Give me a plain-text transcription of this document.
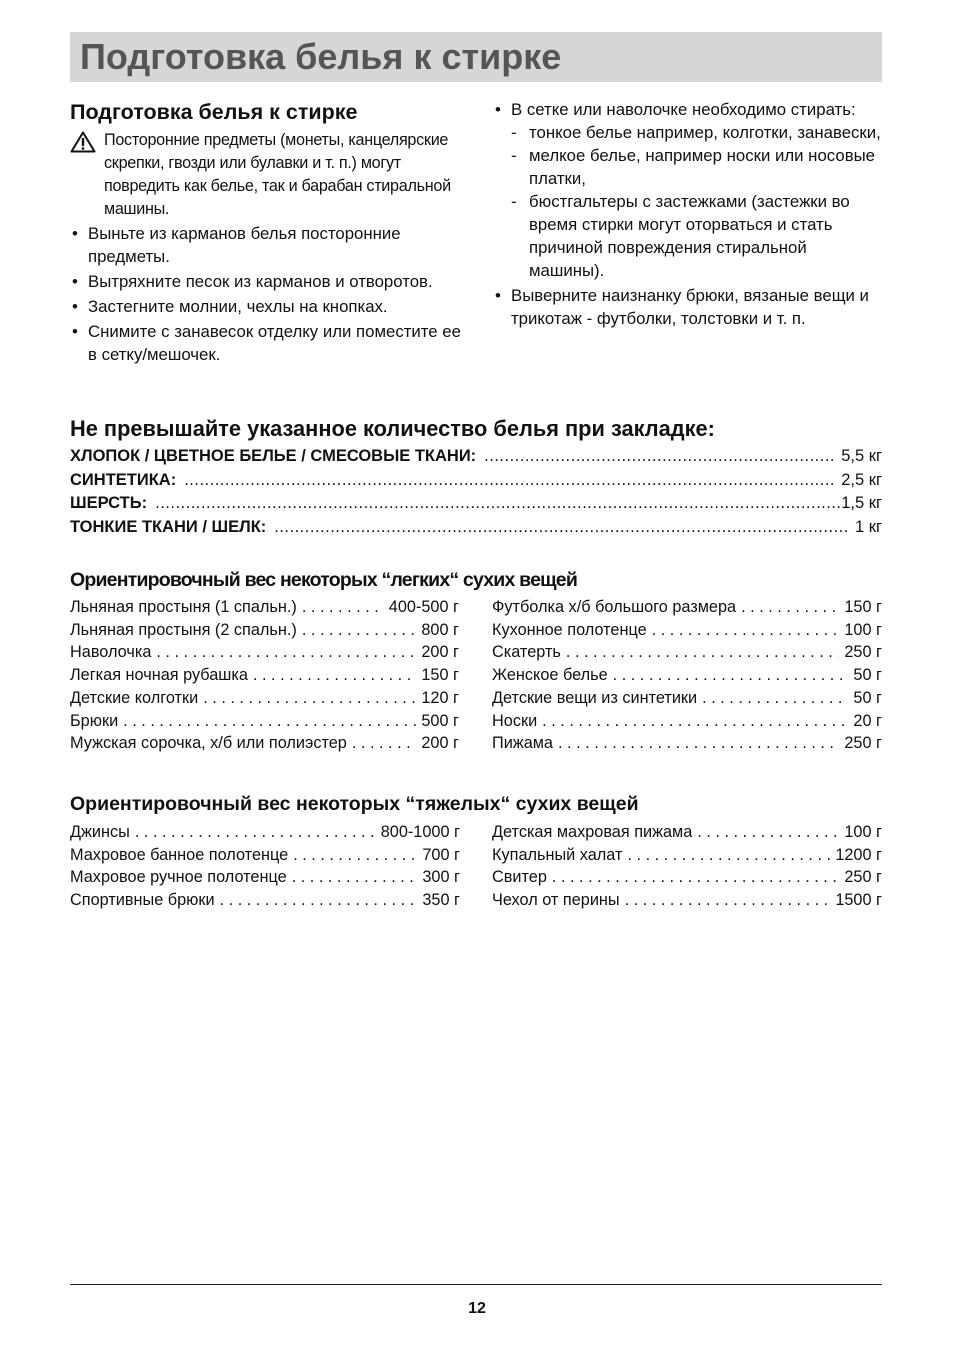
Подготовка белья к стирке
Подготовка белья к стирке
Посторонние предметы (монеты, канцелярские скрепки, гвозди или булавки и т. п.) могут повредить как белье, так и барабан стиральной машины.
• Выньте из карманов белья посторонние предметы.
• Вытряхните песок из карманов и отворотов.
• Застегните молнии, чехлы на кнопках.
• Снимите с занавесок отделку или поместите ее в сетку/мешочек.
• В сетке или наволочке необходимо стирать:
- тонкое белье например, колготки, занавески,
- мелкое белье, например носки или носовые платки,
- бюстгальтеры с застежками (застежки во время стирки могут оторваться и стать причиной повреждения стиральной машины).
• Выверните наизнанку брюки, вязаные вещи и трикотаж - футболки, толстовки и т. п.
Не превышайте указанное количество белья при закладке:
ХЛОПОК / ЦВЕТНОЕ БЕЛЬЕ / СМЕСОВЫЕ ТКАНИ: .....	5,5 кг
СИНТЕТИКА: .....	2,5 кг
ШЕРСТЬ: .....	1,5 кг
ТОНКИЕ ТКАНИ / ШЕЛК: .....	1 кг
Ориентировочный вес некоторых “легких“ сухих вещей
Льняная простыня (1 спальн.) . . .	400-500 г
Льняная простыня (2 спальн.) . . .	800 г
Наволочка . . .	200 г
Легкая ночная рубашка . . .	150 г
Детские колготки . . .	120 г
Брюки . . .	500 г
Мужская сорочка, х/б или полиэстер . . .	200 г
Футболка х/б большого размера . . .	150 г
Кухонное полотенце . . .	100 г
Скатерть . . .	250 г
Женское белье . . .	50 г
Детские вещи из синтетики . . .	50 г
Носки . . .	20 г
Пижама . . .	250 г
Ориентировочный вес некоторых “тяжелых“ сухих вещей
Джинсы . . .	800-1000 г
Махровое банное полотенце . . .	700 г
Махровое ручное полотенце . . .	300 г
Спортивные брюки . . .	350 г
Детская махровая пижама . . .	100 г
Купальный халат . . .	1200 г
Свитер . . .	250 г
Чехол от перины . . .	1500 г
12
